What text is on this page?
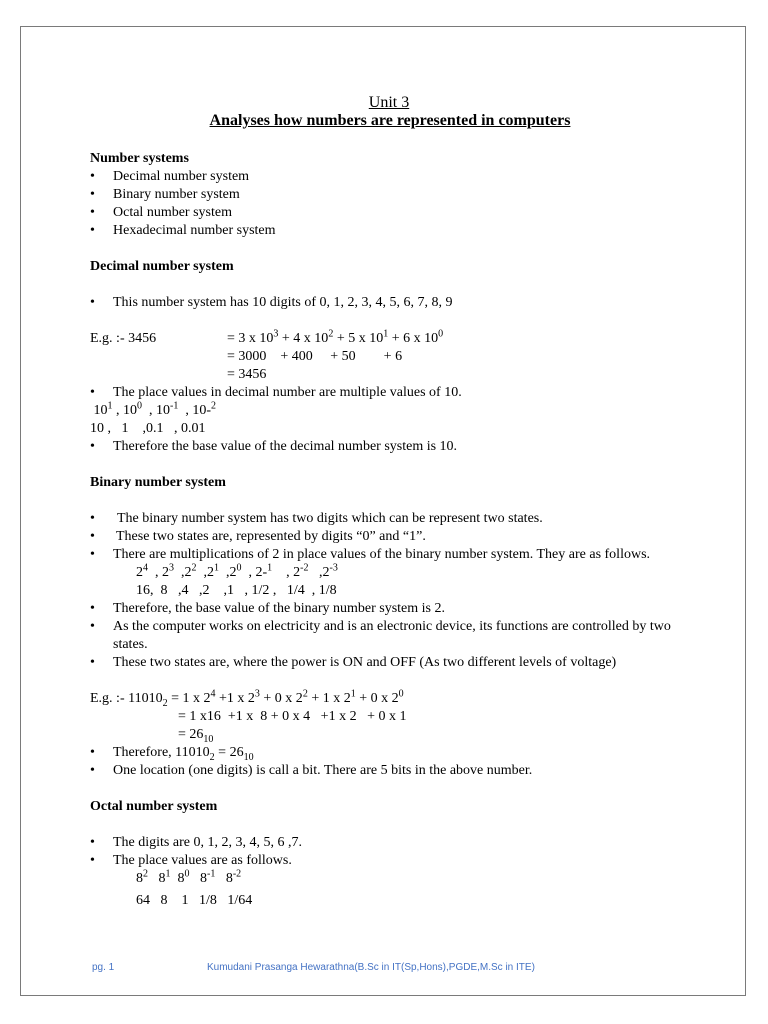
Unit 3
Analyses how numbers are represented in computers
Number systems
• Decimal number system
• Binary number system
• Octal number system
• Hexadecimal number system
Decimal number system
• This number system has 10 digits of 0, 1, 2, 3, 4, 5, 6, 7, 8, 9
E.g. :- 3456	= 3 x $10^3 + 4$ x $10^2 + 5$ x $10^1 + 6$ x $10^0$
= 3000    + 400     + 50        + 6
= 3456
• The place values in decimal number are multiple values of 10.
$10^1$ , $10^0$  , $10^{-1}$  , 10-$^2$
10 ,   1    ,0.1   , 0.01
• Therefore the base value of the decimal number system is 10.
Binary number system
• The binary number system has two digits which can be represent two states.
• These two states are, represented by digits “0” and “1”.
• There are multiplications of 2 in place values of the binary number system. They are as follows.
$2^4$  , $2^3$  $,2^2$  $,2^1$  $,2^0$  , 2-$^1$    , $2^{-2}$   $,2^{-3}$
16,  8   ,4   ,2    ,1   , 1/2 ,   1/4  , 1/8
• Therefore, the base value of the binary number system is 2.
• As the computer works on electricity and is an electronic device, its functions are controlled by two states.
• These two states are, where the power is ON and OFF (As two different levels of voltage)
E.g. :- $11010_2 = 1$ x $2^4 +1$ x $2^3 + 0$ x $2^2 + 1$ x $2^1 + 0$ x $2^0$
= 1 x16  +1 x  8 + 0 x 4   +1 x 2   + 0 x 1
= $26_{10}$
• Therefore, $11010_2 = 26_{10}$
• One location (one digits) is call a bit. There are 5 bits in the above number.
Octal number system
• The digits are 0, 1, 2, 3, 4, 5, 6 ,7.
• The place values are as follows.
$8^2$   $8^1$  $8^0$   $8^{-1}$   $8^{-2}$
64   8    1   1/8   1/64
pg. 1	Kumudani Prasanga Hewarathna(B.Sc in IT(Sp,Hons),PGDE,M.Sc in ITE)
